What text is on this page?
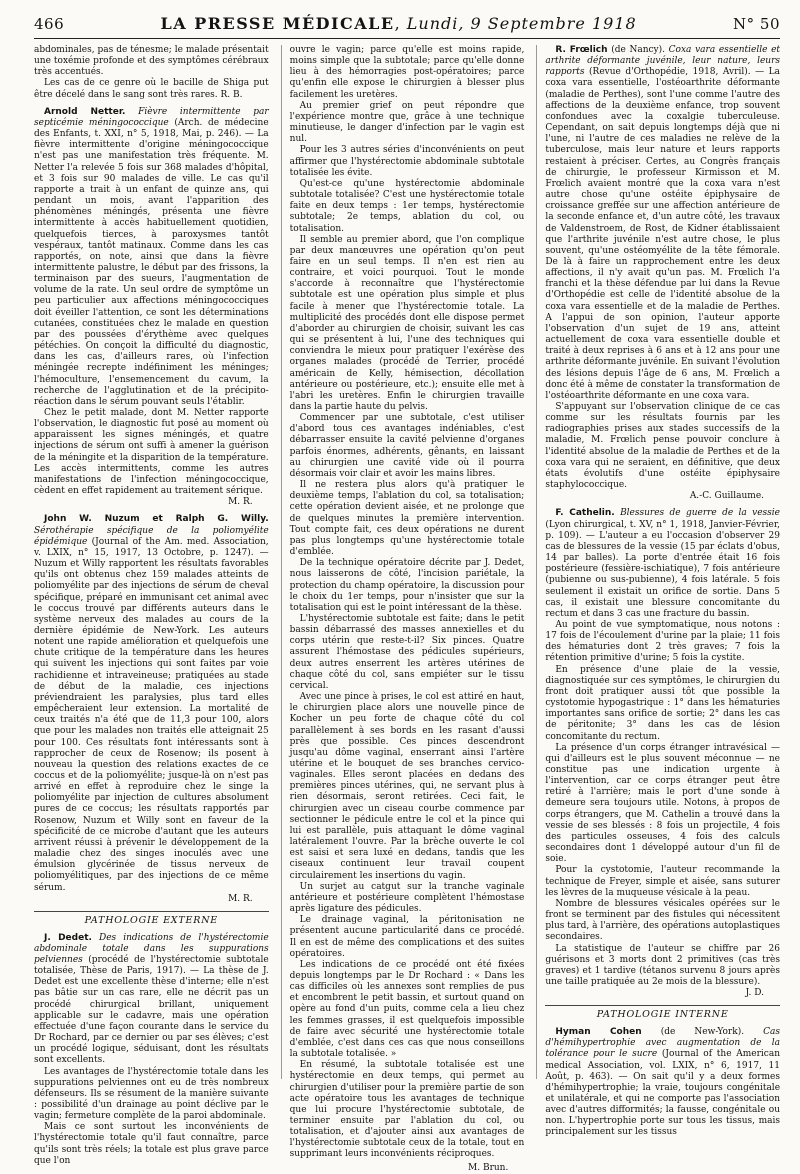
466	LA PRESSE MÉDICALE, Lundi, 9 Septembre 1918	N° 50

abdominales, pas de ténesme; le malade présentait une toxémie profonde et des symptômes cérébraux très accentués.

Les cas de ce genre où le bacille de Shiga put être décelé dans le sang sont très rares. R. B.

Arnold Netter. Fièvre intermittente par septicémie méningococcique (Arch. de médecine des Enfants, t. XXI, n° 5, 1918, Mai, p. 246). — La fièvre intermittente d'origine méningococcique n'est pas une manifestation très fréquente. M. Netter l'a relevée 5 fois sur 368 malades d'hôpital, et 3 fois sur 90 malades de ville. Le cas qu'il rapporte a trait à un enfant de quinze ans, qui pendant un mois, avant l'apparition des phénomènes méningés, présenta une fièvre intermittente à accès habituellement quotidien, quelquefois tierces, à paroxysmes tantôt vespéraux, tantôt matinaux. Comme dans les cas rapportés, on note, ainsi que dans la fièvre intermittente palustre, le début par des frissons, la terminaison par des sueurs, l'augmentation de volume de la rate. Un seul ordre de symptôme un peu particulier aux affections méningococciques doit éveiller l'attention, ce sont les déterminations cutanées, constituées chez le malade en question par des poussées d'érythème avec quelques pétéchies. On conçoit la difficulté du diagnostic, dans les cas, d'ailleurs rares, où l'infection méningée recrepte indéfiniment les méninges; l'hémoculture, l'ensemencement du cavum, la recherche de l'agglutination et de la précipito-réaction dans le sérum pouvant seuls l'établir.

Chez le petit malade, dont M. Netter rapporte l'observation, le diagnostic fut posé au moment où apparaissent les signes méningés, et quatre injections de sérum ont suffi à amener la guérison de la méningite et la disparition de la température. Les accès intermittents, comme les autres manifestations de l'infection méningococcique, cèdent en effet rapidement au traitement sérique.

M. R.

John W. Nuzum et Ralph G. Willy. Sérothérapie spécifique de la poliomyélite épidémique (Journal of the Am. med. Association, v. LXIX, n° 15, 1917, 13 Octobre, p. 1247). — Nuzum et Willy rapportent les résultats favorables qu'ils ont obtenus chez 159 malades atteints de poliomyélite par des injections de sérum de cheval spécifique, préparé en immunisant cet animal avec le coccus trouvé par différents auteurs dans le système nerveux des malades au cours de la dernière épidémie de New-York. Les auteurs notent une rapide amélioration et quelquefois une chute critique de la température dans les heures qui suivent les injections qui sont faites par voie rachidienne et intraveineuse; pratiquées au stade de début de la maladie, ces injections préviendraient les paralysies, plus tard elles empêcheraient leur extension. La mortalité de ceux traités n'a été que de 11,3 pour 100, alors que pour les malades non traités elle atteignait 25 pour 100. Ces résultats font intéressants sont à rapprocher de ceux de Rosenow; ils posent à nouveau la question des relations exactes de ce coccus et de la poliomyélite; jusque-là on n'est pas arrivé en effet à reproduire chez le singe la poliomyélite par injection de cultures absolument pures de ce coccus; les résultats rapportés par Rosenow, Nuzum et Willy sont en faveur de la spécificité de ce microbe d'autant que les auteurs arrivent réussi à prévenir le développement de la maladie chez des singes inoculés avec une émulsion glycérinée de tissus nerveux de poliomyélitiques, par des injections de ce même sérum.

M. R.
PATHOLOGIE EXTERNE

J. Dedet. Des indications de l'hystérectomie abdominale totale dans les suppurations pelviennes (procédé de l'hystérectomie subtotale totalisée, Thèse de Paris, 1917). — La thèse de J. Dedet est une excellente thèse d'interne; elle n'est pas bâtie sur un cas rare, elle ne décrit pas un procédé chirurgical brillant, uniquement applicable sur le cadavre, mais une opération effectuée d'une façon courante dans le service du Dr Rochard, par ce dernier ou par ses élèves; c'est un procédé logique, séduisant, dont les résultats sont excellents.

Les avantages de l'hystérectomie totale dans les suppurations pelviennes ont eu de très nombreux défenseurs. Ils se résument de la manière suivante : possibilité d'un drainage au point déclive par le vagin; fermeture complète de la paroi abdominale.

Mais ce sont surtout les inconvénients de l'hystérectomie totale qu'il faut connaître, parce qu'ils sont très réels; la totale est plus grave parce que l'on

ouvre le vagin; parce qu'elle est moins rapide, moins simple que la subtotale; parce qu'elle donne lieu à des hémorragies post-opératoires; parce qu'enfin elle expose le chirurgien à blesser plus facilement les uretères.

Au premier grief on peut répondre que l'expérience montre que, grâce à une technique minutieuse, le danger d'infection par le vagin est nul.

Pour les 3 autres séries d'inconvénients on peut affirmer que l'hystérectomie abdominale subtotale totalisée les évite.

Qu'est-ce qu'une hystérectomie abdominale subtotale totalisée? C'est une hystérectomie totale faite en deux temps : 1er temps, hystérectomie subtotale; 2e temps, ablation du col, ou totalisation.

Il semble au premier abord, que l'on complique par deux manœuvres une opération qu'on peut faire en un seul temps. Il n'en est rien au contraire, et voici pourquoi. Tout le monde s'accorde à reconnaître que l'hystérectomie subtotale est une opération plus simple et plus facile à mener que l'hystérectomie totale. La multiplicité des procédés dont elle dispose permet d'aborder au chirurgien de choisir, suivant les cas qui se présentent à lui, l'une des techniques qui conviendra le mieux pour pratiquer l'exérèse des organes malades (procédé de Terrier, procédé américain de Kelly, hémisection, décollation antérieure ou postérieure, etc.); ensuite elle met à l'abri les uretères. Enfin le chirurgien travaille dans la partie haute du pelvis.

Commencer par une subtotale, c'est utiliser d'abord tous ces avantages indéniables, c'est débarrasser ensuite la cavité pelvienne d'organes parfois énormes, adhérents, gênants, en laissant au chirurgien une cavité vide où il pourra désormais voir clair et avoir les mains libres.

Il ne restera plus alors qu'à pratiquer le deuxième temps, l'ablation du col, sa totalisation; cette opération devient aisée, et ne prolonge que de quelques minutes la première intervention. Tout compte fait, ces deux opérations ne durent pas plus longtemps qu'une hystérectomie totale d'emblée.

De la technique opératoire décrite par J. Dedet, nous laisserons de côté, l'incision pariétale, la protection du champ opératoire, la discussion pour le choix du 1er temps, pour n'insister que sur la totalisation qui est le point intéressant de la thèse.

L'hystérectomie subtotale est faite; dans le petit bassin débarrassé des masses annexielles et du corps utérin que reste-t-il? Six pinces. Quatre assurent l'hémostase des pédicules supérieurs, deux autres enserrent les artères utérines de chaque côté du col, sans empiéter sur le tissu cervical.

Avec une pince à prises, le col est attiré en haut, le chirurgien place alors une nouvelle pince de Kocher un peu forte de chaque côté du col parallèlement à ses bords en les rasant d'aussi près que possible. Ces pinces descendront jusqu'au dôme vaginal, enserrant ainsi l'artère utérine et le bouquet de ses branches cervico-vaginales. Elles seront placées en dedans des premières pinces utérines, qui, ne servant plus à rien désormais, seront retirées. Ceci fait, le chirurgien avec un ciseau courbe commence par sectionner le pédicule entre le col et la pince qui lui est parallèle, puis attaquant le dôme vaginal latéralement l'ouvre. Par la brèche ouverte le col est saisi et sera luxé en dedans, tandis que les ciseaux continuent leur travail coupent circulairement les insertions du vagin.

Un surjet au catgut sur la tranche vaginale antérieure et postérieure complètent l'hémostase après ligature des pédicules.

Le drainage vaginal, la péritonisation ne présentent aucune particularité dans ce procédé. Il en est de même des complications et des suites opératoires.

Les indications de ce procédé ont été fixées depuis longtemps par le Dr Rochard : « Dans les cas difficiles où les annexes sont remplies de pus et encombrent le petit bassin, et surtout quand on opère au fond d'un puits, comme cela a lieu chez les femmes grasses, il est quelquefois impossible de faire avec sécurité une hystérectomie totale d'emblée, c'est dans ces cas que nous conseillons la subtotale totalisée. »

En résumé, la subtotale totalisée est une hystérectomie en deux temps, qui permet au chirurgien d'utiliser pour la première partie de son acte opératoire tous les avantages de technique que lui procure l'hystérectomie subtotale, de terminer ensuite par l'ablation du col, ou totalisation, et d'ajouter ainsi aux avantages de l'hystérectomie subtotale ceux de la totale, tout en supprimant leurs inconvénients réciproques.

M. Brun.

R. Frœlich (de Nancy). Coxa vara essentielle et arthrite déformante juvénile, leur nature, leurs rapports (Revue d'Orthopédie, 1918, Avril). — La coxa vara essentielle, l'ostéoarthrite déformante (maladie de Perthes), sont l'une comme l'autre des affections de la deuxième enfance, trop souvent confondues avec la coxalgie tuberculeuse. Cependant, on sait depuis longtemps déjà que ni l'une, ni l'autre de ces maladies ne relève de la tuberculose, mais leur nature et leurs rapports restaient à préciser. Certes, au Congrès français de chirurgie, le professeur Kirmisson et M. Frœlich avaient montré que la coxa vara n'est autre chose qu'une ostéite épiphysaire de croissance greffée sur une affection antérieure de la seconde enfance et, d'un autre côté, les travaux de Valdenstroem, de Rost, de Kidner établissaient que l'arthrite juvénile n'est autre chose, le plus souvent, qu'une ostéomyélite de la tête fémorale. De là à faire un rapprochement entre les deux affections, il n'y avait qu'un pas. M. Frœlich l'a franchi et la thèse défendue par lui dans la Revue d'Orthopédie est celle de l'identité absolue de la coxa vara essentielle et de la maladie de Perthes. A l'appui de son opinion, l'auteur apporte l'observation d'un sujet de 19 ans, atteint actuellement de coxa vara essentielle double et traité à deux reprises à 6 ans et à 12 ans pour une arthrite déformante juvénile. En suivant l'évolution des lésions depuis l'âge de 6 ans, M. Frœlich a donc été à même de constater la transformation de l'ostéoarthrite déformante en une coxa vara.

S'appuyant sur l'observation clinique de ce cas comme sur les résultats fournis par les radiographies prises aux stades successifs de la maladie, M. Frœlich pense pouvoir conclure à l'identité absolue de la maladie de Perthes et de la coxa vara qui ne seraient, en définitive, que deux états évolutifs d'une ostéite épiphysaire staphylococcique.

A.-C. Guillaume.

F. Cathelin. Blessures de guerre de la vessie (Lyon chirurgical, t. XV, n° 1, 1918, Janvier-Février, p. 109). — L'auteur a eu l'occasion d'observer 29 cas de blessures de la vessie (15 par éclats d'obus, 14 par balles). La porte d'entrée était 16 fois postérieure (fessière-ischiatique), 7 fois antérieure (pubienne ou sus-pubienne), 4 fois latérale. 5 fois seulement il existait un orifice de sortie. Dans 5 cas, il existait une blessure concomitante du rectum et dans 3 cas une fracture du bassin.

Au point de vue symptomatique, nous notons : 17 fois de l'écoulement d'urine par la plaie; 11 fois des hématuries dont 2 très graves; 7 fois la rétention primitive d'urine; 5 fois la cystite.

En présence d'une plaie de la vessie, diagnostiquée sur ces symptômes, le chirurgien du front doit pratiquer aussi tôt que possible la cystotomie hypogastrique : 1° dans les hématuries importantes sans orifice de sortie; 2° dans les cas de péritonite; 3° dans les cas de lésion concomitante du rectum.

La présence d'un corps étranger intravésical — qui d'ailleurs est le plus souvent méconnue — ne constitue pas une indication urgente à l'intervention, car ce corps étranger peut être retiré à l'arrière; mais le port d'une sonde à demeure sera toujours utile. Notons, à propos de corps étrangers, que M. Cathelin a trouvé dans la vessie de ses blessés : 8 fois un projectile, 4 fois des particules osseuses, 4 fois des calculs secondaires dont 1 développé autour d'un fil de soie.

Pour la cystotomie, l'auteur recommande la technique de Freyer, simple et aisée, sans suturer les lèvres de la muqueuse vésicale à la peau.

Nombre de blessures vésicales opérées sur le front se terminent par des fistules qui nécessitent plus tard, à l'arrière, des opérations autoplastiques secondaires.

La statistique de l'auteur se chiffre par 26 guérisons et 3 morts dont 2 primitives (cas très graves) et 1 tardive (tétanos survenu 8 jours après une taille pratiquée au 2e mois de la blessure).

J. D.
PATHOLOGIE INTERNE

Hyman Cohen (de New-York). Cas d'hémihypertrophie avec augmentation de la tolérance pour le sucre (Journal of the American medical Association, vol. LXIX, n° 6, 1917, 11 Août, p. 463). — On sait qu'il y a deux formes d'hémihypertrophie; la vraie, toujours congénitale et unilatérale, et qui ne comporte pas l'association avec d'autres difformités; la fausse, congénitale ou non. L'hypertrophie porte sur tous les tissus, mais principalement sur les tissus
